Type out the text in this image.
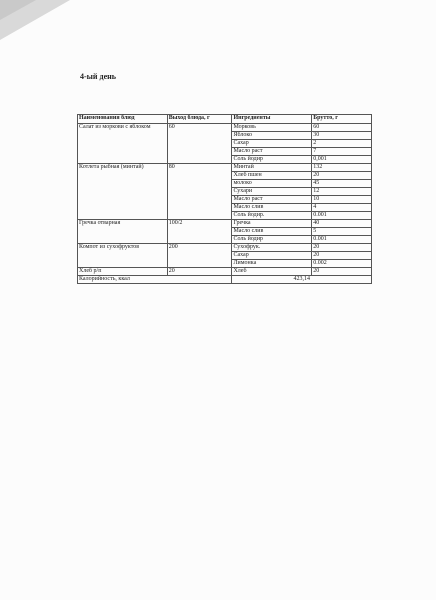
4-ый день
Наименования блюд	Выход блюда, г	Ингредиенты	Брутто, г
Салат из моркови с яблоком	60	Морковь	60
		Яблоко	30
		Сахар	2
		Масло раст	7
		Соль йодир	0,001
Котлета рыбная (минтай)	80	Минтай	132
		Хлеб пшен	20
		молоко	45
		Сухари	12
		Масло раст	10
		Масло слив	4
		Соль йодир.	0.001
Гречка отварная	100/2	Гречка	40
		Масло слив	5
		Соль йодир	0.001
Компот из сухофруктов	200	Сухофрук.	20
		Сахар	20
		Лимонка	0.002
Хлеб р/п	20	Хлеб	20
Калорийность, ккал		423,14	
